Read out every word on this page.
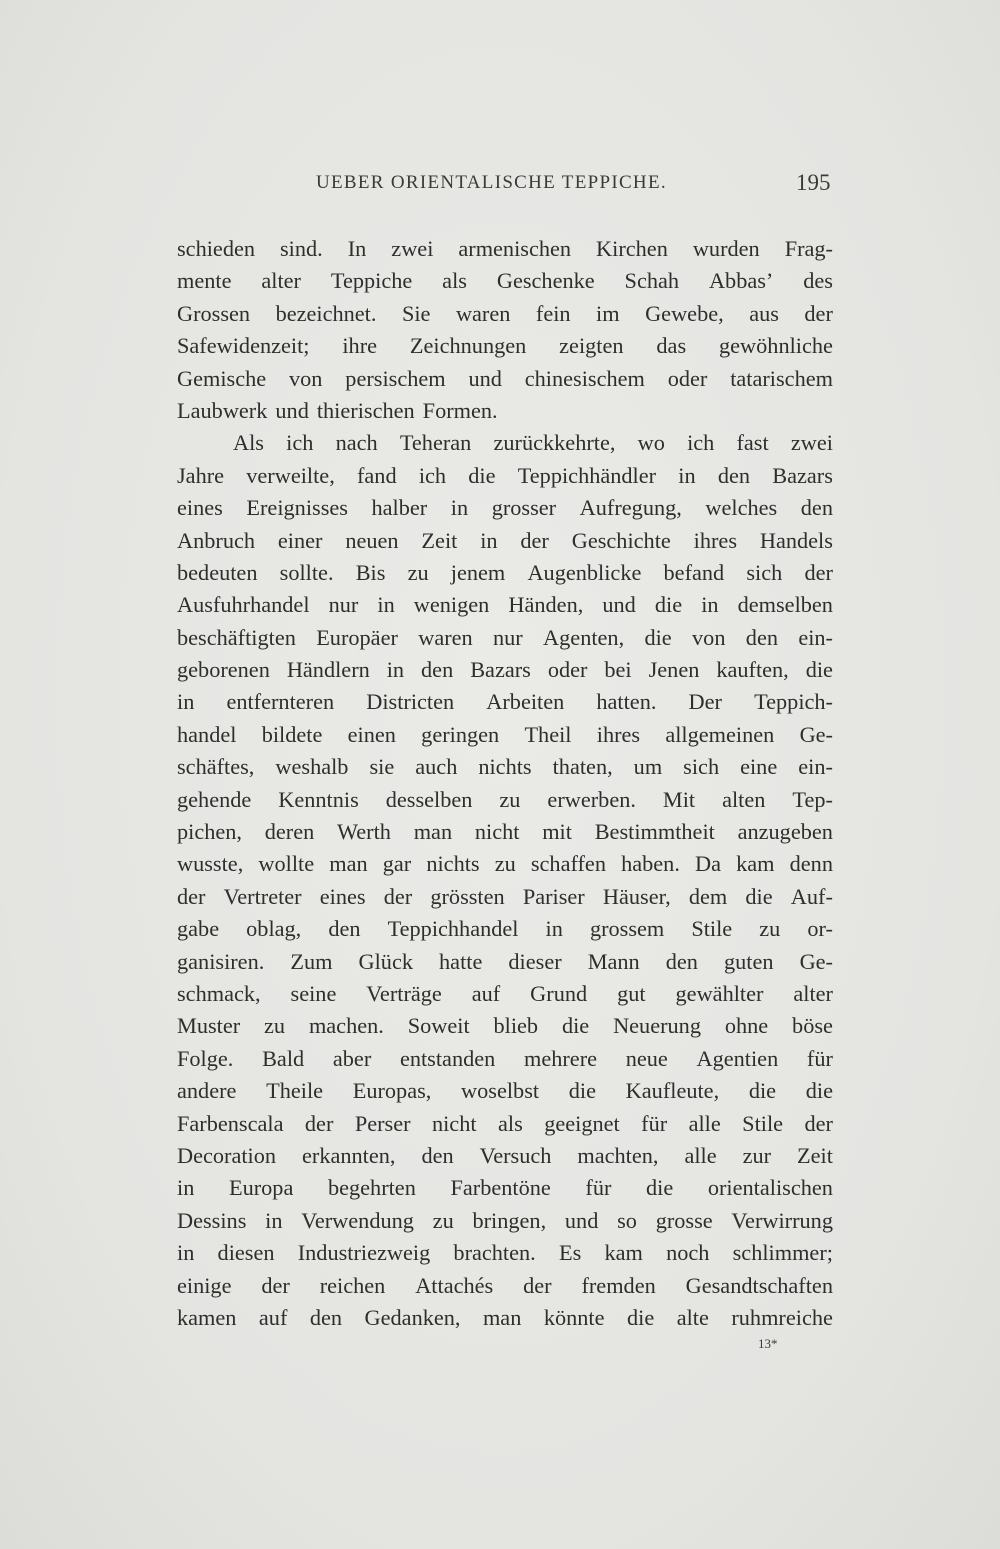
UEBER ORIENTALISCHE TEPPICHE.	195
schieden sind. In zwei armenischen Kirchen wurden Frag-
mente alter Teppiche als Geschenke Schah Abbas’ des
Grossen bezeichnet. Sie waren fein im Gewebe, aus der
Safewidenzeit; ihre Zeichnungen zeigten das gewöhnliche
Gemische von persischem und chinesischem oder tatarischem
Laubwerk und thierischen Formen.
Als ich nach Teheran zurückkehrte, wo ich fast zwei
Jahre verweilte, fand ich die Teppichhändler in den Bazars
eines Ereignisses halber in grosser Aufregung, welches den
Anbruch einer neuen Zeit in der Geschichte ihres Handels
bedeuten sollte. Bis zu jenem Augenblicke befand sich der
Ausfuhrhandel nur in wenigen Händen, und die in demselben
beschäftigten Europäer waren nur Agenten, die von den ein-
geborenen Händlern in den Bazars oder bei Jenen kauften, die
in entfernteren Districten Arbeiten hatten. Der Teppich-
handel bildete einen geringen Theil ihres allgemeinen Ge-
schäftes, weshalb sie auch nichts thaten, um sich eine ein-
gehende Kenntnis desselben zu erwerben. Mit alten Tep-
pichen, deren Werth man nicht mit Bestimmtheit anzugeben
wusste, wollte man gar nichts zu schaffen haben. Da kam denn
der Vertreter eines der grössten Pariser Häuser, dem die Auf-
gabe oblag, den Teppichhandel in grossem Stile zu or-
ganisiren. Zum Glück hatte dieser Mann den guten Ge-
schmack, seine Verträge auf Grund gut gewählter alter
Muster zu machen. Soweit blieb die Neuerung ohne böse
Folge. Bald aber entstanden mehrere neue Agentien für
andere Theile Europas, woselbst die Kaufleute, die die
Farbenscala der Perser nicht als geeignet für alle Stile der
Decoration erkannten, den Versuch machten, alle zur Zeit
in Europa begehrten Farbentöne für die orientalischen
Dessins in Verwendung zu bringen, und so grosse Verwirrung
in diesen Industriezweig brachten. Es kam noch schlimmer;
einige der reichen Attachés der fremden Gesandtschaften
kamen auf den Gedanken, man könnte die alte ruhmreiche
13*
